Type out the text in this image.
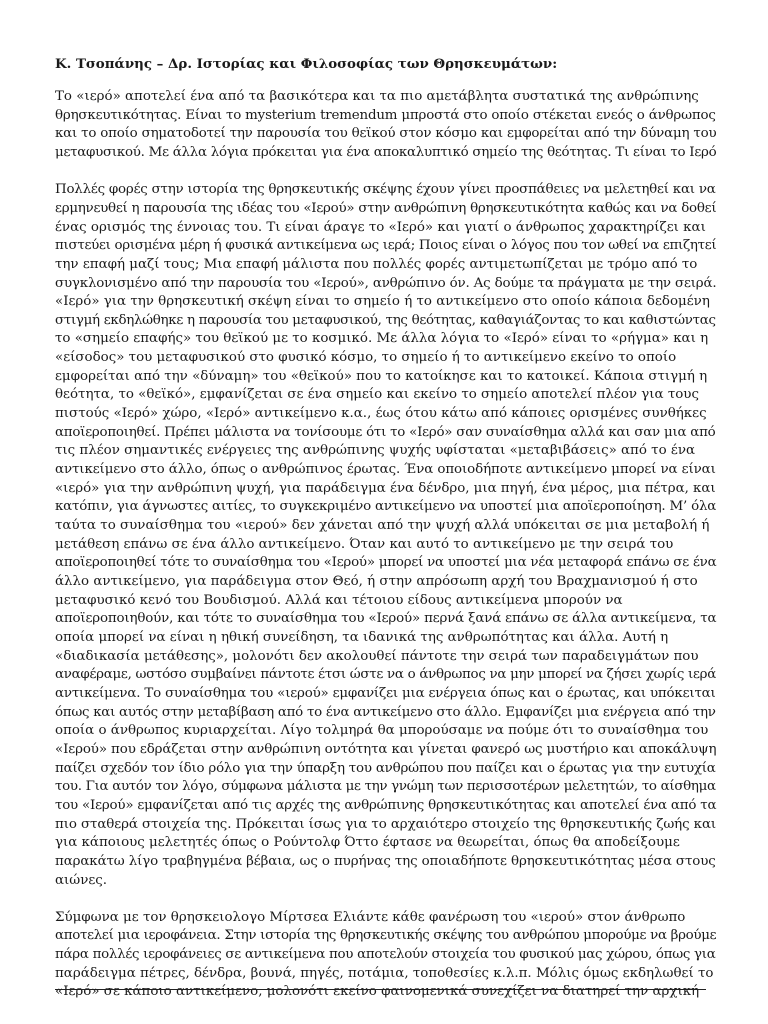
Κ. Τσοπάνης – Δρ. Ιστορίας και Φιλοσοφίας των Θρησκευμάτων:
Το «ιερό» αποτελεί ένα από τα βασικότερα και τα πιο αμετάβλητα συστατικά της ανθρώπινης
θρησκευτικότητας. Είναι το mysterium tremendum μπροστά στο οποίο στέκεται ενεός ο άνθρωπος
και το οποίο σηματοδοτεί την παρουσία του θεϊκού στον κόσμο και εμφορείται από την δύναμη του
μεταφυσικού. Με άλλα λόγια πρόκειται για ένα αποκαλυπτικό σημείο της θεότητας. Τι είναι το Ιερό
Πολλές φορές στην ιστορία της θρησκευτικής σκέψης έχουν γίνει προσπάθειες να μελετηθεί και να
ερμηνευθεί η παρουσία της ιδέας του «Ιερού» στην ανθρώπινη θρησκευτικότητα καθώς και να δοθεί
ένας ορισμός της έννοιας του. Τι είναι άραγε το «Ιερό» και γιατί ο άνθρωπος χαρακτηρίζει και
πιστεύει ορισμένα μέρη ή φυσικά αντικείμενα ως ιερά; Ποιος είναι ο λόγος που τον ωθεί να επιζητεί
την επαφή μαζί τους; Μια επαφή μάλιστα που πολλές φορές αντιμετωπίζεται με τρόμο από το
συγκλονισμένο από την παρουσία του «Ιερού», ανθρώπινο όν. Ας δούμε τα πράγματα με την σειρά.
«Ιερό» για την θρησκευτική σκέψη είναι το σημείο ή το αντικείμενο στο οποίο κάποια δεδομένη
στιγμή εκδηλώθηκε η παρουσία του μεταφυσικού, της θεότητας, καθαγιάζοντας το και καθιστώντας
το «σημείο επαφής» του θεϊκού με το κοσμικό. Με άλλα λόγια το «Ιερό» είναι το «ρήγμα» και η
«είσοδος» του μεταφυσικού στο φυσικό κόσμο, το σημείο ή το αντικείμενο εκείνο το οποίο
εμφορείται από την «δύναμη» του «θεϊκού» που το κατοίκησε και το κατοικεί. Κάποια στιγμή η
θεότητα, το «θεϊκό», εμφανίζεται σε ένα σημείο και εκείνο το σημείο αποτελεί πλέον για τους
πιστούς «Ιερό» χώρο, «Ιερό» αντικείμενο κ.α., έως ότου κάτω από κάποιες ορισμένες συνθήκες
αποϊεροποιηθεί. Πρέπει μάλιστα να τονίσουμε ότι το «Ιερό» σαν συναίσθημα αλλά και σαν μια από
τις πλέον σημαντικές ενέργειες της ανθρώπινης ψυχής υφίσταται «μεταβιβάσεις» από το ένα
αντικείμενο στο άλλο, όπως ο ανθρώπινος έρωτας. Ένα οποιοδήποτε αντικείμενο μπορεί να είναι
«ιερό» για την ανθρώπινη ψυχή, για παράδειγμα ένα δένδρο, μια πηγή, ένα μέρος, μια πέτρα, και
κατόπιν, για άγνωστες αιτίες, το συγκεκριμένο αντικείμενο να υποστεί μια αποϊεροποίηση. Μ’ όλα
ταύτα το συναίσθημα του «ιερού» δεν χάνεται από την ψυχή αλλά υπόκειται σε μια μεταβολή ή
μετάθεση επάνω σε ένα άλλο αντικείμενο. Όταν και αυτό το αντικείμενο με την σειρά του
αποϊεροποιηθεί τότε το συναίσθημα του «Ιερού» μπορεί να υποστεί μια νέα μεταφορά επάνω σε ένα
άλλο αντικείμενο, για παράδειγμα στον Θεό, ή στην απρόσωπη αρχή του Βραχμανισμού ή στο
μεταφυσικό κενό του Βουδισμού. Αλλά και τέτοιου είδους αντικείμενα μπορούν να
αποϊεροποιηθούν, και τότε το συναίσθημα του «Ιερού» περνά ξανά επάνω σε άλλα αντικείμενα, τα
οποία μπορεί να είναι η ηθική συνείδηση, τα ιδανικά της ανθρωπότητας και άλλα. Αυτή η
«διαδικασία μετάθεσης», μολονότι δεν ακολουθεί πάντοτε την σειρά των παραδειγμάτων που
αναφέραμε, ωστόσο συμβαίνει πάντοτε έτσι ώστε να ο άνθρωπος να μην μπορεί να ζήσει χωρίς ιερά
αντικείμενα. Το συναίσθημα του «ιερού» εμφανίζει μια ενέργεια όπως και ο έρωτας, και υπόκειται
όπως και αυτός στην μεταβίβαση από το ένα αντικείμενο στο άλλο. Εμφανίζει μια ενέργεια από την
οποία ο άνθρωπος κυριαρχείται. Λίγο τολμηρά θα μπορούσαμε να πούμε ότι το συναίσθημα του
«Ιερού» που εδράζεται στην ανθρώπινη οντότητα και γίνεται φανερό ως μυστήριο και αποκάλυψη
παίζει σχεδόν τον ίδιο ρόλο για την ύπαρξη του ανθρώπου που παίζει και ο έρωτας για την ευτυχία
του. Για αυτόν τον λόγο, σύμφωνα μάλιστα με την γνώμη των περισσοτέρων μελετητών, το αίσθημα
του «Ιερού» εμφανίζεται από τις αρχές της ανθρώπινης θρησκευτικότητας και αποτελεί ένα από τα
πιο σταθερά στοιχεία της. Πρόκειται ίσως για το αρχαιότερο στοιχείο της θρησκευτικής ζωής και
για κάποιους μελετητές όπως ο Ρούντολφ Όττο έφτασε να θεωρείται, όπως θα αποδείξουμε
παρακάτω λίγο τραβηγμένα βέβαια, ως ο πυρήνας της οποιαδήποτε θρησκευτικότητας μέσα στους
αιώνες.
Σύμφωνα με τον θρησκειολογο Μίρτσεα Ελιάντε κάθε φανέρωση του «ιερού» στον άνθρωπο
αποτελεί μια ιεροφάνεια. Στην ιστορία της θρησκευτικής σκέψης του ανθρώπου μπορούμε να βρούμε
πάρα πολλές ιεροφάνειες σε αντικείμενα που αποτελούν στοιχεία του φυσικού μας χώρου, όπως για
παράδειγμα πέτρες, δένδρα, βουνά, πηγές, ποτάμια, τοποθεσίες κ.λ.π. Μόλις όμως εκδηλωθεί το
«Ιερό» σε κάποιο αντικείμενο, μολονότι εκείνο φαινομενικά συνεχίζει να διατηρεί την αρχική
